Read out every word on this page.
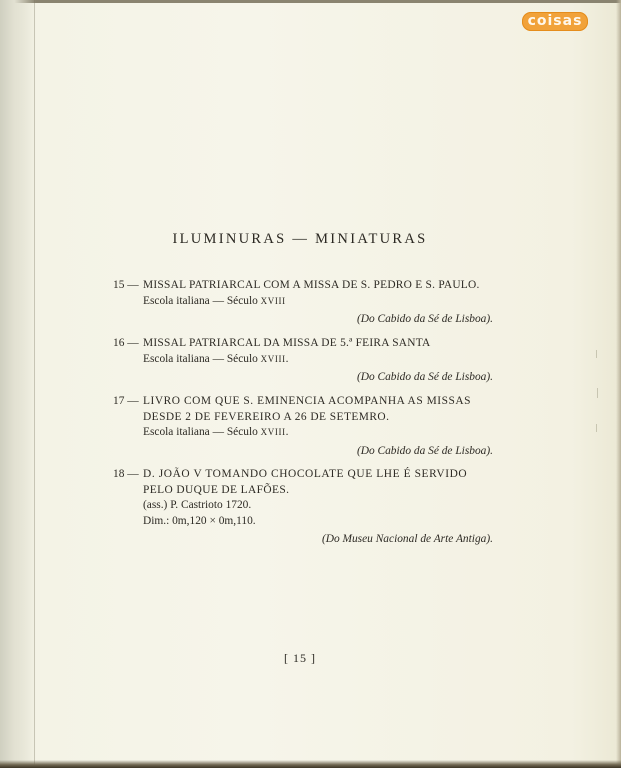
coisas
ILUMINURAS — MINIATURAS
15 — MISSAL PATRIARCAL COM A MISSA DE S. PEDRO E S. PAULO.
Escola italiana — Século XVIII
(Do Cabido da Sé de Lisboa).
16 — MISSAL PATRIARCAL DA MISSA DE 5.ª FEIRA SANTA
Escola italiana — Século XVIII.
(Do Cabido da Sé de Lisboa).
17 — LIVRO COM QUE S. EMINENCIA ACOMPANHA AS MISSAS
DESDE 2 DE FEVEREIRO A 26 DE SETEMRO.
Escola italiana — Século XVIII.
(Do Cabido da Sé de Lisboa).
18 — D. JOÃO V TOMANDO CHOCOLATE QUE LHE É SERVIDO
PELO DUQUE DE LAFÕES.
(ass.) P. Castrioto 1720.
Dim.: 0m,120 × 0m,110.
(Do Museu Nacional de Arte Antiga).
[ 15 ]
